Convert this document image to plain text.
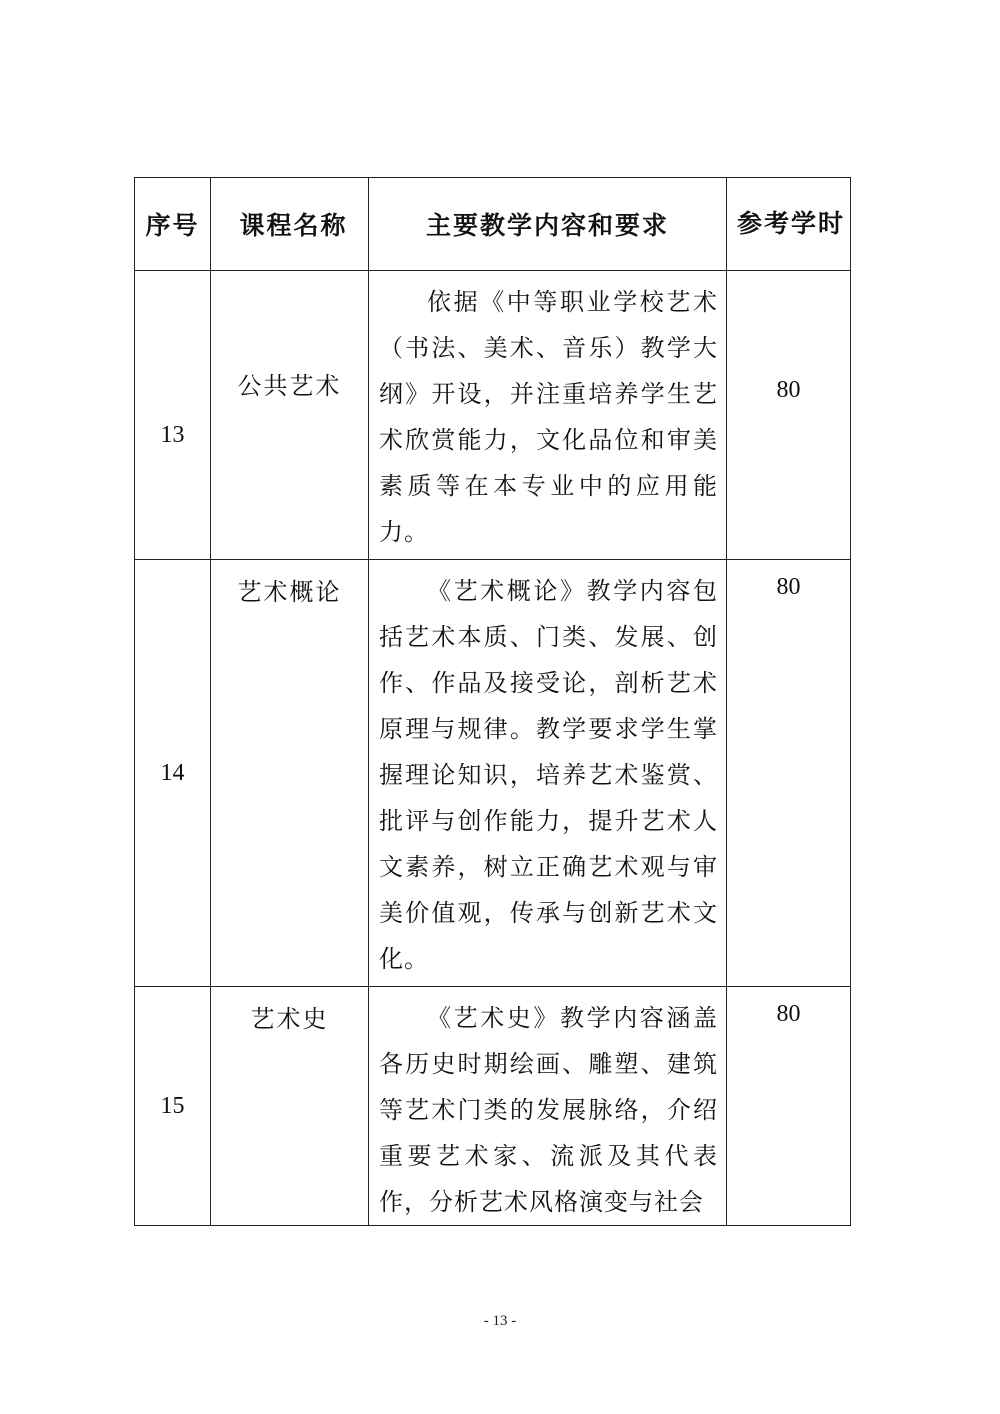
序号	课程名称	主要教学内容和要求	参考学时
13	公共艺术	依据《中等职业学校艺术（书法、美术、音乐）教学大纲》开设，并注重培养学生艺术欣赏能力，文化品位和审美素质等在本专业中的应用能力。	80
14	艺术概论	《艺术概论》教学内容包括艺术本质、门类、发展、创作、作品及接受论，剖析艺术原理与规律。教学要求学生掌握理论知识，培养艺术鉴赏、批评与创作能力，提升艺术人文素养，树立正确艺术观与审美价值观，传承与创新艺术文化。	80
15	艺术史	《艺术史》教学内容涵盖各历史时期绘画、雕塑、建筑等艺术门类的发展脉络，介绍重要艺术家、流派及其代表作，分析艺术风格演变与社会	80
- 13 -
